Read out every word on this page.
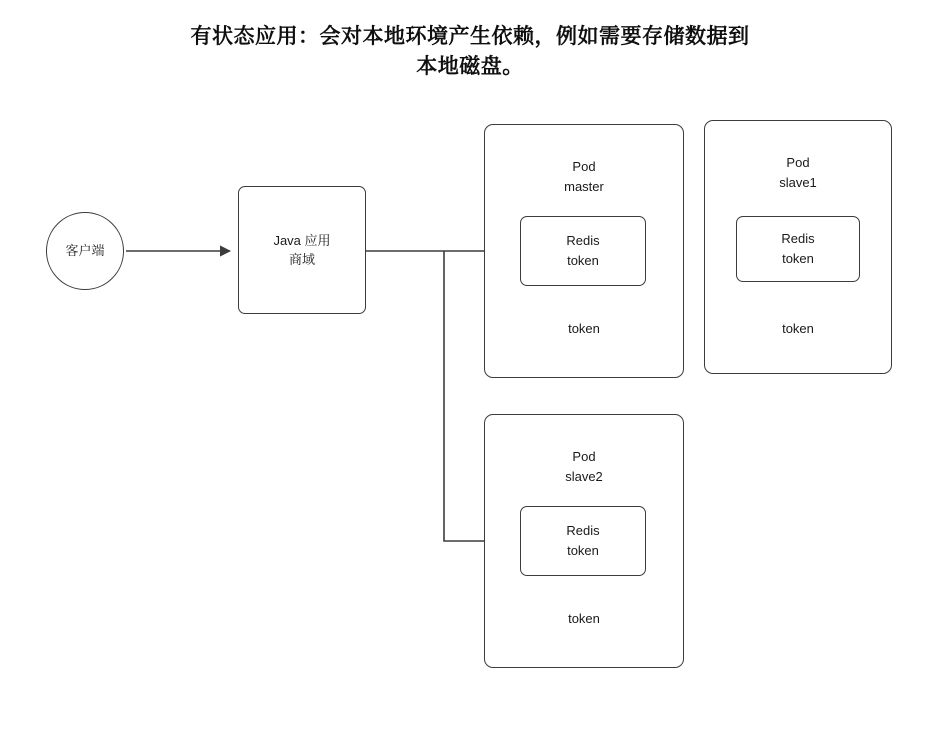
有状态应用：会对本地环境产生依赖，例如需要存储数据到本地磁盘。
客户端
Java 应用
商域
Pod
master
Redis
token
token
Pod
slave1
Redis
token
token
Pod
slave2
Redis
token
token
